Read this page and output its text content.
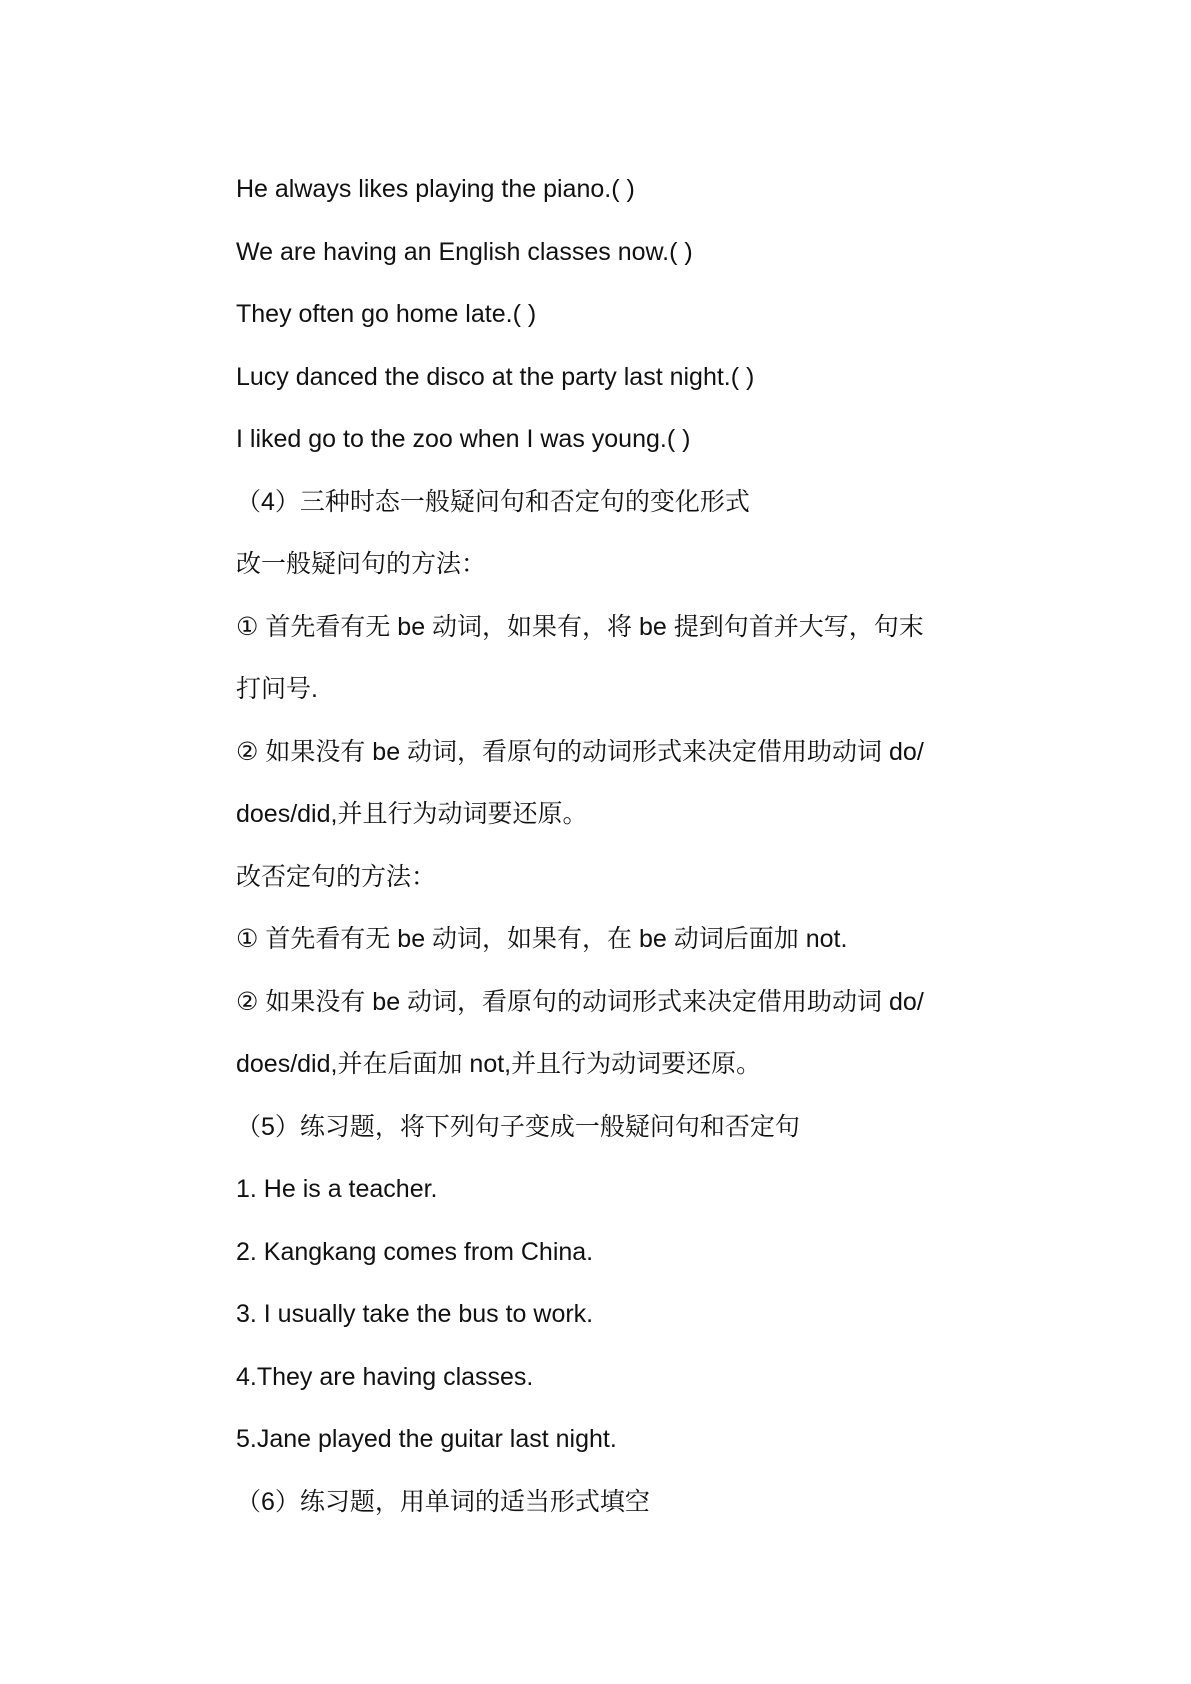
He always likes playing the piano.( )
We are having an English classes now.( )
They often go home late.( )
Lucy danced the disco at the party last night.( )
I liked go to the zoo when I was young.( )
（4）三种时态一般疑问句和否定句的变化形式
改一般疑问句的方法：
① 首先看有无 be 动词，如果有，将 be 提到句首并大写，句末
打问号.
② 如果没有 be 动词，看原句的动词形式来决定借用助动词 do/
does/did,并且行为动词要还原。
改否定句的方法：
① 首先看有无 be 动词，如果有，在 be 动词后面加 not.
② 如果没有 be 动词，看原句的动词形式来决定借用助动词 do/
does/did,并在后面加 not,并且行为动词要还原。
（5）练习题，将下列句子变成一般疑问句和否定句
1. He is a teacher.
2. Kangkang comes from China.
3. I usually take the bus to work.
4.They are having classes.
5.Jane played the guitar last night.
（6）练习题，用单词的适当形式填空
